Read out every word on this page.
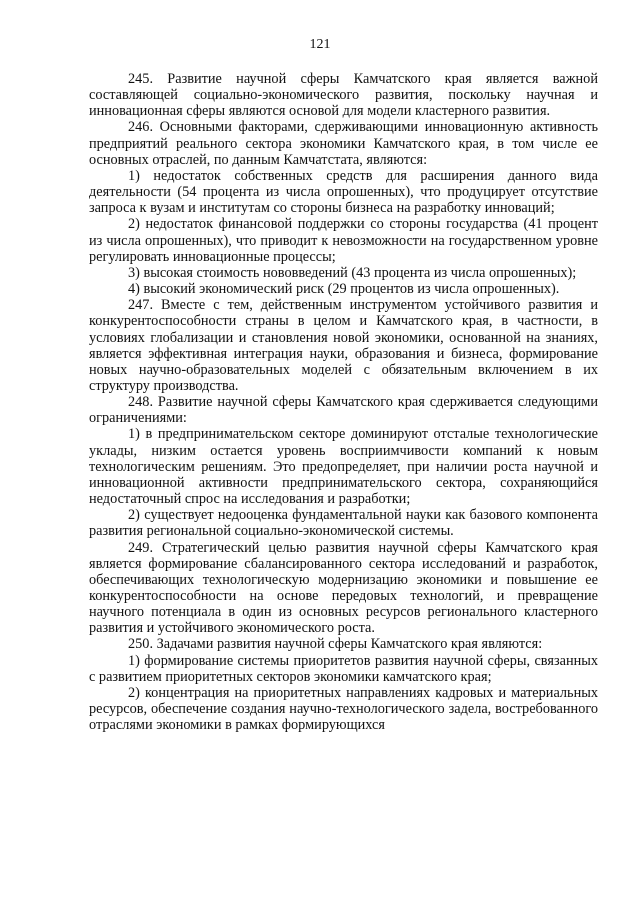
121

245. Развитие научной сферы Камчатского края является важной составляющей социально-экономического развития, поскольку научная и инновационная сферы являются основой для модели кластерного развития.

246. Основными факторами, сдерживающими инновационную активность предприятий реального сектора экономики Камчатского края, в том числе ее основных отраслей, по данным Камчатстата, являются:

1) недостаток собственных средств для расширения данного вида деятельности (54 процента из числа опрошенных), что продуцирует отсутствие запроса к вузам и институтам со стороны бизнеса на разработку инноваций;

2) недостаток финансовой поддержки со стороны государства (41 процент из числа опрошенных), что приводит к невозможности на государственном уровне регулировать инновационные процессы;

3) высокая стоимость нововведений (43 процента из числа опрошенных);

4) высокий экономический риск (29 процентов из числа опрошенных).

247. Вместе с тем, действенным инструментом устойчивого развития и конкурентоспособности страны в целом и Камчатского края, в частности, в условиях глобализации и становления новой экономики, основанной на знаниях, является эффективная интеграция науки, образования и бизнеса, формирование новых научно-образовательных моделей с обязательным включением в их структуру производства.

248. Развитие научной сферы Камчатского края сдерживается следующими ограничениями:

1) в предпринимательском секторе доминируют отсталые технологические уклады, низким остается уровень восприимчивости компаний к новым технологическим решениям. Это предопределяет, при наличии роста научной и инновационной активности предпринимательского сектора, сохраняющийся недостаточный спрос на исследования и разработки;

2) существует недооценка фундаментальной науки как базового компонента развития региональной социально-экономической системы.

249. Стратегический целью развития научной сферы Камчатского края является формирование сбалансированного сектора исследований и разработок, обеспечивающих технологическую модернизацию экономики и повышение ее конкурентоспособности на основе передовых технологий, и превращение научного потенциала в один из основных ресурсов регионального кластерного развития и устойчивого экономического роста.

250. Задачами развития научной сферы Камчатского края являются:

1) формирование системы приоритетов развития научной сферы, связанных с развитием приоритетных секторов экономики камчатского края;

2) концентрация на приоритетных направлениях кадровых и материальных ресурсов, обеспечение создания научно-технологического задела, востребованного отраслями экономики в рамках формирующихся
